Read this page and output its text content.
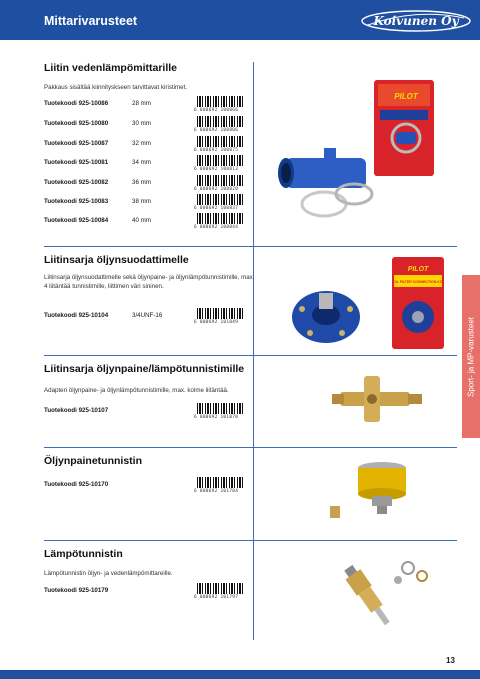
Mittarivarusteet	Koivunen Oy
Liitin vedenlämpömittarille
Pakkaus sisältää kiinnityskseen tarvittavat kiristimet.
Tuotekoodi 925-10086	28 mm
6 000692 100866
Tuotekoodi 925-10080	30 mm
6 000692 100806
Tuotekoodi 925-10087	32 mm
6 000692 100875
Tuotekoodi 925-10081	34 mm
6 000692 100813
Tuotekoodi 925-10082	36 mm
6 000692 100820
Tuotekoodi 925-10083	38 mm
6 000692 100837
Tuotekoodi 925-10084	40 mm
6 000692 100844
PILOT
Liitinsarja öljynsuodattimelle
Liitinsarja öljynsuodattimelle sekä öljynpaine- ja öljynlämpötunnistimille, max. 4 liitäntää tunnistimille, liittimen väri sininen.
Tuotekoodi 925-10104	3/4UNF-16
6 000692 101049
PILOT
OIL FILTER CONNECTION KIT
Liitinsarja öljynpaine/lämpötunnistimille
Adapteri öljynpaine- ja öljynlämpötunnistimille, max. kolme liitäntää.
Tuotekoodi 925-10107
6 000692 101070
Öljynpainetunnistin
Tuotekoodi 925-10170
6 000692 101704
Lämpötunnistin
Lämpötunnistin öljyn- ja vedenlämpömittareille.
Tuotekoodi 925-10179
6 000692 101797
Sport- ja MP-varusteet
13
